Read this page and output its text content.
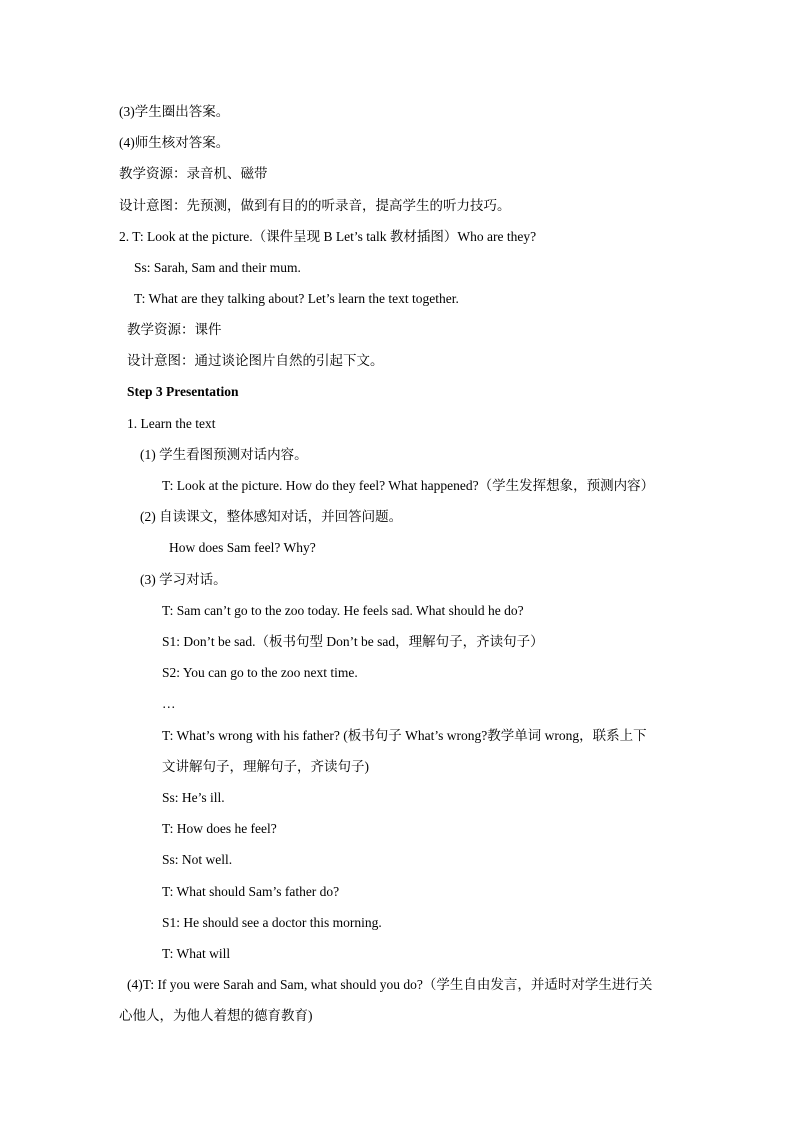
(3)学生圈出答案。
(4)师生核对答案。
教学资源：录音机、磁带
设计意图：先预测，做到有目的的听录音，提高学生的听力技巧。
2. T: Look at the picture.（课件呈现 B Let’s talk 教材插图）Who are they?
Ss: Sarah, Sam and their mum.
T: What are they talking about? Let’s learn the text together.
教学资源：课件
设计意图：通过谈论图片自然的引起下文。
Step 3 Presentation
1. Learn the text
(1) 学生看图预测对话内容。
T: Look at the picture. How do they feel? What happened?（学生发挥想象，预测内容）
(2) 自读课文，整体感知对话，并回答问题。
How does Sam feel? Why?
(3) 学习对话。
T: Sam can’t go to the zoo today. He feels sad. What should he do?
S1: Don’t be sad.（板书句型 Don’t be sad，理解句子，齐读句子）
S2: You can go to the zoo next time.
…
T: What’s wrong with his father? (板书句子 What’s wrong?教学单词 wrong，联系上下
文讲解句子，理解句子，齐读句子)
Ss: He’s ill.
T: How does he feel?
Ss: Not well.
T: What should Sam’s father do?
S1: He should see a doctor this morning.
T: What will
(4)T: If you were Sarah and Sam, what should you do?（学生自由发言，并适时对学生进行关
心他人，为他人着想的德育教育)
